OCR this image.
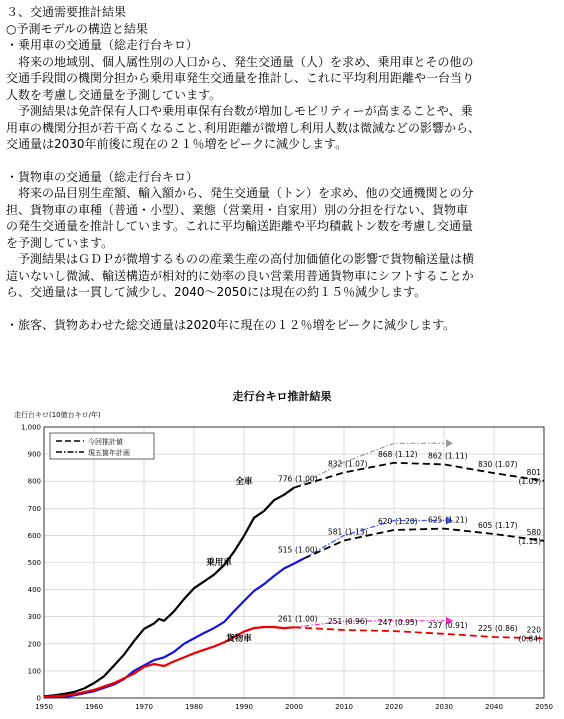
３、交通需要推計結果
○予測モデルの構造と結果
・乗用車の交通量（総走行台キロ）
将来の地域別、個人属性別の人口から、発生交通量（人）を求め、乗用車とその他の
交通手段間の機関分担から乗用車発生交通量を推計し、これに平均利用距離や一台当り
人数を考慮し交通量を予測しています。
予測結果は免許保有人口や乗用車保有台数が増加しモビリティーが高まることや、乗
用車の機関分担が若干高くなること､利用距離が微増し利用人数は微減などの影響から、
交通量は2030年前後に現在の２１％増をピークに減少します。
・貨物車の交通量（総走行台キロ）
将来の品目別生産額、輸入額から、発生交通量（トン）を求め、他の交通機関との分
担、貨物車の車種（普通・小型）、業態（営業用・自家用）別の分担を行ない、貨物車
の発生交通量を推計しています。これに平均輸送距離や平均積載トン数を考慮し交通量
を予測しています。
予測結果はＧＤＰが微増するものの産業生産の高付加価値化の影響で貨物輸送量は横
這いないし微減、輸送構造が相対的に効率の良い営業用普通貨物車にシフトすることか
ら、交通量は一貫して減少し、2040～2050には現在の約１５％減少します。
・旅客、貨物あわせた総交通量は2020年に現在の１２％増をピークに減少します。
走行台キロ推計結果
走行台キロ(10億台キロ/年)
0
100
200
300
400
500
600
700
800
900
1,000
1950	1960	1970	1980	1990	2000	2010	2020	2030	2040	2050
全車	776 (1.00)
832 (1.07)
868 (1.12) 862 (1.11)
830 (1.07)
801
(1.03)
乗用車
515 (1.00)
581 (1.13)
620 (1.20) 625 (1.21)
605 (1.17)
580
(1.13)
貨物車
261 (1.00) 251 (0.96) 247 (0.95) 237 (0.91) 225 (0.86) 220
(0.84)
今回推計値
現五箇年計画
